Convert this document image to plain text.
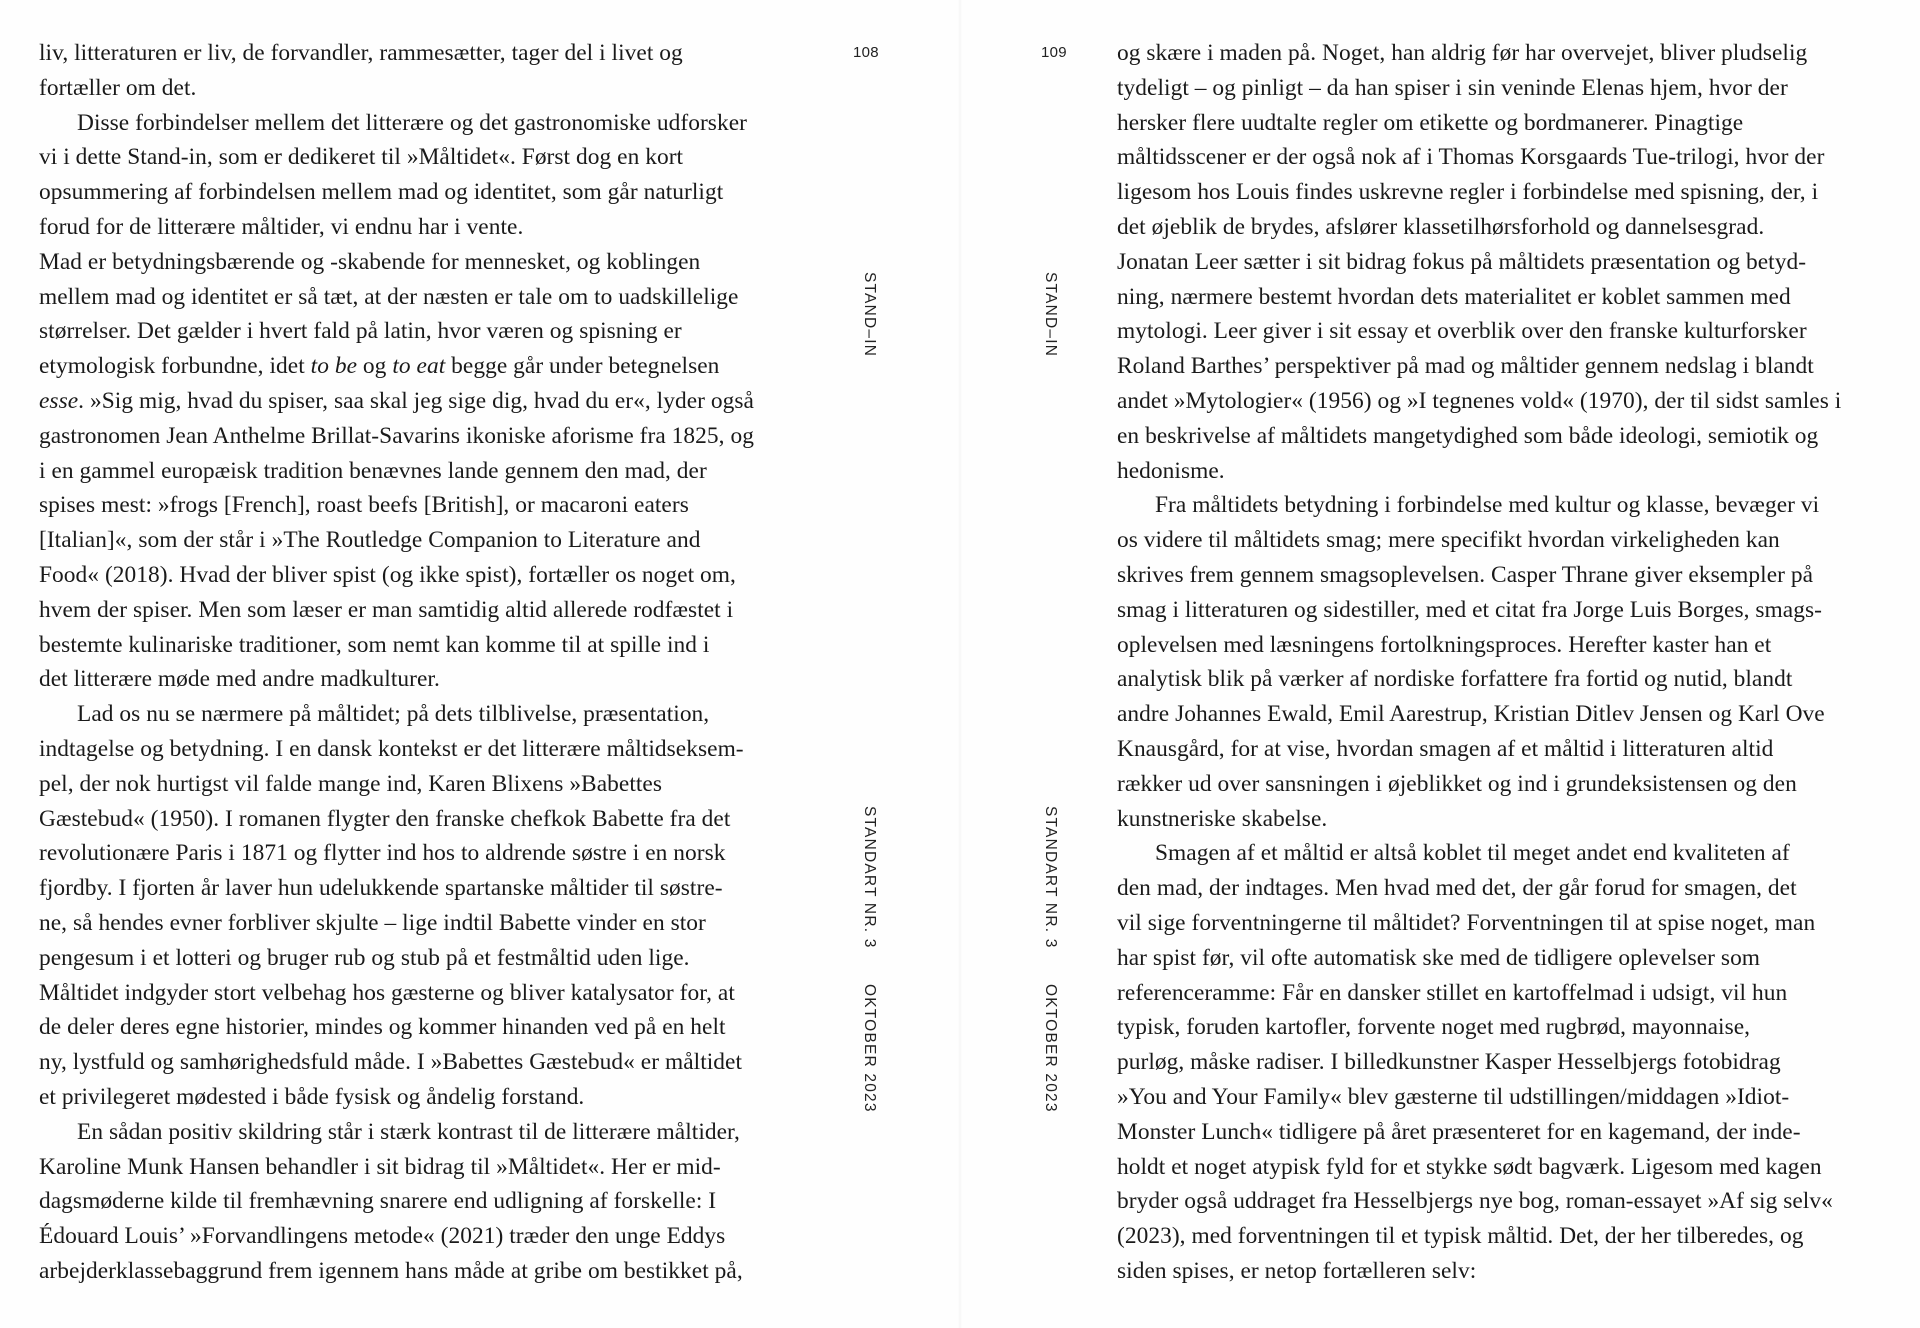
liv, litteraturen er liv, de forvandler, rammesætter, tager del i livet og
fortæller om det.
Disse forbindelser mellem det litterære og det gastronomiske udforsker
vi i dette Stand-in, som er dedikeret til »Måltidet«. Først dog en kort
opsummering af forbindelsen mellem mad og identitet, som går naturligt
forud for de litterære måltider, vi endnu har i vente.
Mad er betydningsbærende og -skabende for mennesket, og koblingen
mellem mad og identitet er så tæt, at der næsten er tale om to uadskillelige
størrelser. Det gælder i hvert fald på latin, hvor væren og spisning er
etymologisk forbundne, idet to be og to eat begge går under betegnelsen
esse. »Sig mig, hvad du spiser, saa skal jeg sige dig, hvad du er«, lyder også
gastronomen Jean Anthelme Brillat-Savarins ikoniske aforisme fra 1825, og
i en gammel europæisk tradition benævnes lande gennem den mad, der
spises mest: »frogs [French], roast beefs [British], or macaroni eaters
[Italian]«, som der står i »The Routledge Companion to Literature and
Food« (2018). Hvad der bliver spist (og ikke spist), fortæller os noget om,
hvem der spiser. Men som læser er man samtidig altid allerede rodfæstet i
bestemte kulinariske traditioner, som nemt kan komme til at spille ind i
det litterære møde med andre madkulturer.
Lad os nu se nærmere på måltidet; på dets tilblivelse, præsentation,
indtagelse og betydning. I en dansk kontekst er det litterære måltidseksem-
pel, der nok hurtigst vil falde mange ind, Karen Blixens »Babettes
Gæstebud« (1950). I romanen flygter den franske chefkok Babette fra det
revolutionære Paris i 1871 og flytter ind hos to aldrende søstre i en norsk
fjordby. I fjorten år laver hun udelukkende spartanske måltider til søstre-
ne, så hendes evner forbliver skjulte – lige indtil Babette vinder en stor
pengesum i et lotteri og bruger rub og stub på et festmåltid uden lige.
Måltidet indgyder stort velbehag hos gæsterne og bliver katalysator for, at
de deler deres egne historier, mindes og kommer hinanden ved på en helt
ny, lystfuld og samhørighedsfuld måde. I »Babettes Gæstebud« er måltidet
et privilegeret mødested i både fysisk og åndelig forstand.
En sådan positiv skildring står i stærk kontrast til de litterære måltider,
Karoline Munk Hansen behandler i sit bidrag til »Måltidet«. Her er mid-
dagsmøderne kilde til fremhævning snarere end udligning af forskelle: I
Édouard Louis’ »Forvandlingens metode« (2021) træder den unge Eddys
arbejderklassebaggrund frem igennem hans måde at gribe om bestikket på,
108
STAND–IN
STANDART NR. 3
OKTOBER 2023
og skære i maden på. Noget, han aldrig før har overvejet, bliver pludselig
tydeligt – og pinligt – da han spiser i sin veninde Elenas hjem, hvor der
hersker flere uudtalte regler om etikette og bordmanerer. Pinagtige
måltidsscener er der også nok af i Thomas Korsgaards Tue-trilogi, hvor der
ligesom hos Louis findes uskrevne regler i forbindelse med spisning, der, i
det øjeblik de brydes, afslører klassetilhørsforhold og dannelsesgrad.
Jonatan Leer sætter i sit bidrag fokus på måltidets præsentation og betyd-
ning, nærmere bestemt hvordan dets materialitet er koblet sammen med
mytologi. Leer giver i sit essay et overblik over den franske kulturforsker
Roland Barthes’ perspektiver på mad og måltider gennem nedslag i blandt
andet »Mytologier« (1956) og »I tegnenes vold« (1970), der til sidst samles i
en beskrivelse af måltidets mangetydighed som både ideologi, semiotik og
hedonisme.
Fra måltidets betydning i forbindelse med kultur og klasse, bevæger vi
os videre til måltidets smag; mere specifikt hvordan virkeligheden kan
skrives frem gennem smagsoplevelsen. Casper Thrane giver eksempler på
smag i litteraturen og sidestiller, med et citat fra Jorge Luis Borges, smags-
oplevelsen med læsningens fortolkningsproces. Herefter kaster han et
analytisk blik på værker af nordiske forfattere fra fortid og nutid, blandt
andre Johannes Ewald, Emil Aarestrup, Kristian Ditlev Jensen og Karl Ove
Knausgård, for at vise, hvordan smagen af et måltid i litteraturen altid
rækker ud over sansningen i øjeblikket og ind i grundeksistensen og den
kunstneriske skabelse.
Smagen af et måltid er altså koblet til meget andet end kvaliteten af
den mad, der indtages. Men hvad med det, der går forud for smagen, det
vil sige forventningerne til måltidet? Forventningen til at spise noget, man
har spist før, vil ofte automatisk ske med de tidligere oplevelser som
referenceramme: Får en dansker stillet en kartoffelmad i udsigt, vil hun
typisk, foruden kartofler, forvente noget med rugbrød, mayonnaise,
purløg, måske radiser. I billedkunstner Kasper Hesselbjergs fotobidrag
»You and Your Family« blev gæsterne til udstillingen/middagen »Idiot-
Monster Lunch« tidligere på året præsenteret for en kagemand, der inde-
holdt et noget atypisk fyld for et stykke sødt bagværk. Ligesom med kagen
bryder også uddraget fra Hesselbjergs nye bog, roman-essayet »Af sig selv«
(2023), med forventningen til et typisk måltid. Det, der her tilberedes, og
siden spises, er netop fortælleren selv:
109
STAND–IN
STANDART NR. 3
OKTOBER 2023
